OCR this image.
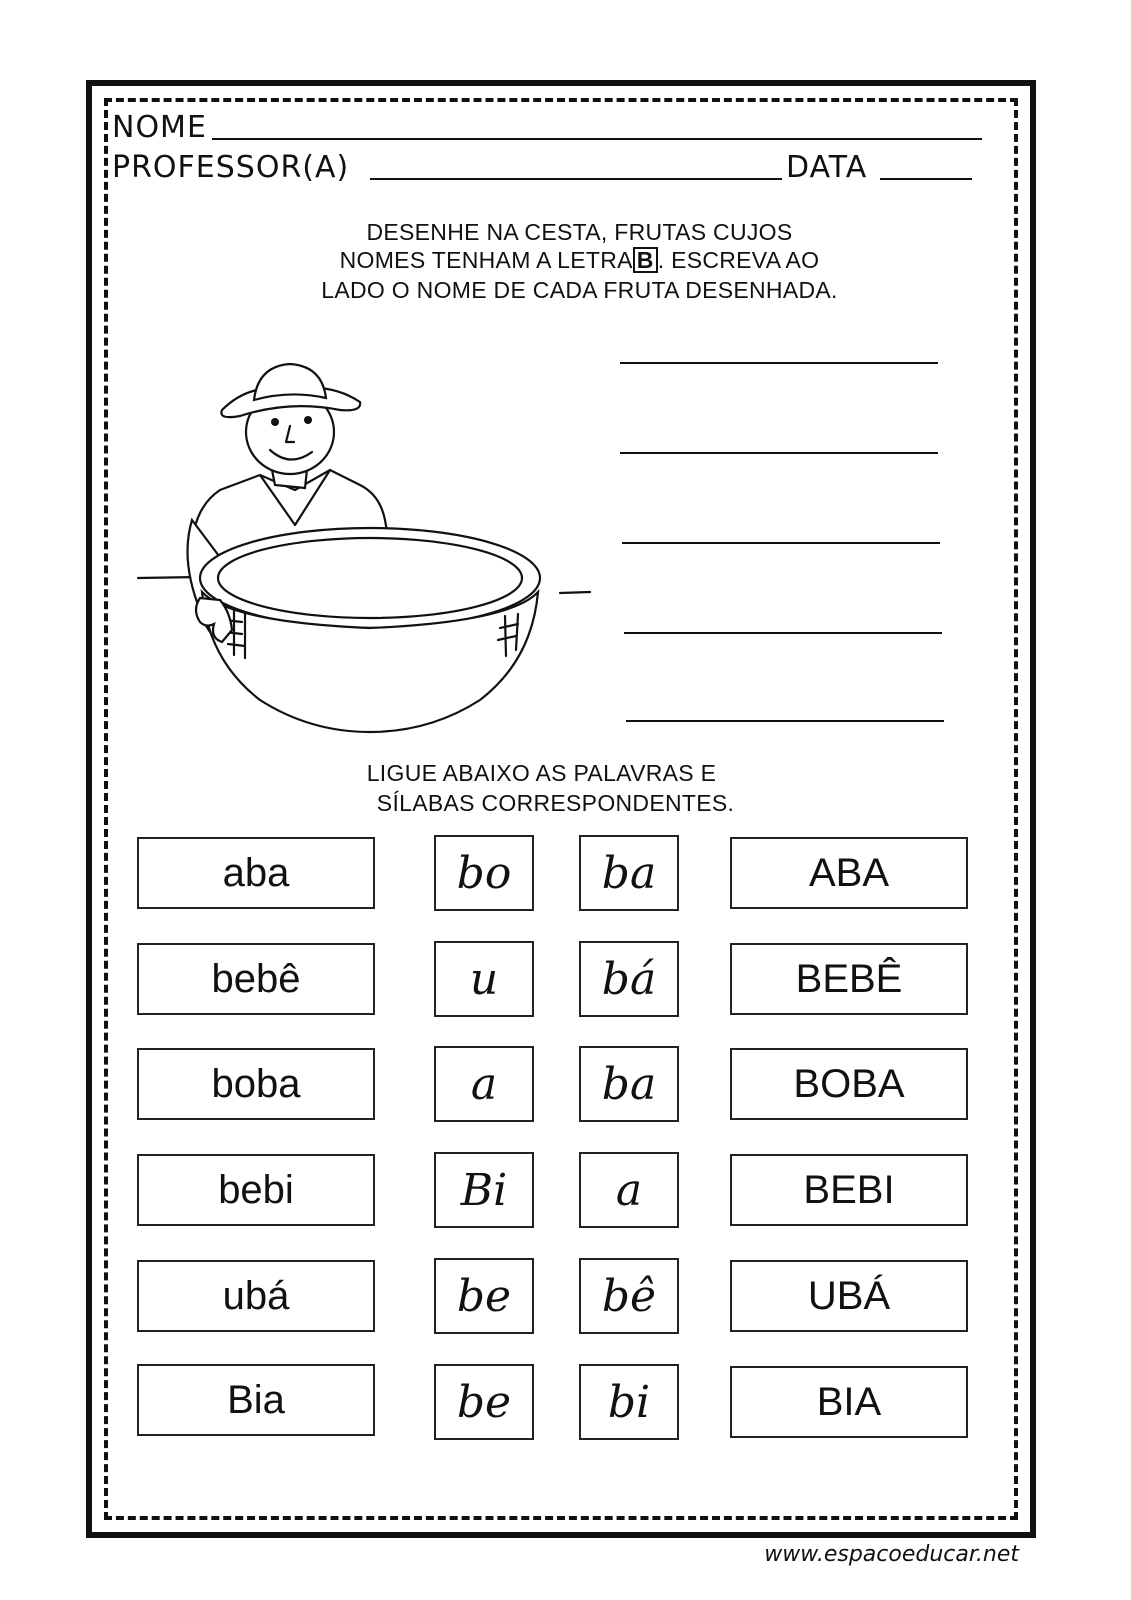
NOME
PROFESSOR(A)	DATA
DESENHE NA CESTA, FRUTAS CUJOS
NOMES TENHAM A LETRA B . ESCREVA AO
LADO O NOME DE CADA FRUTA DESENHADA.
LIGUE ABAIXO AS PALAVRAS E
SÍLABAS CORRESPONDENTES.
aba	bo	ba	ABA
bebê	u	bá	BEBÊ
boba	a	ba	BOBA
bebi	Bi	a	BEBI
ubá	be	bê	UBÁ
Bia	be	bi	BIA
www.espacoeducar.net
